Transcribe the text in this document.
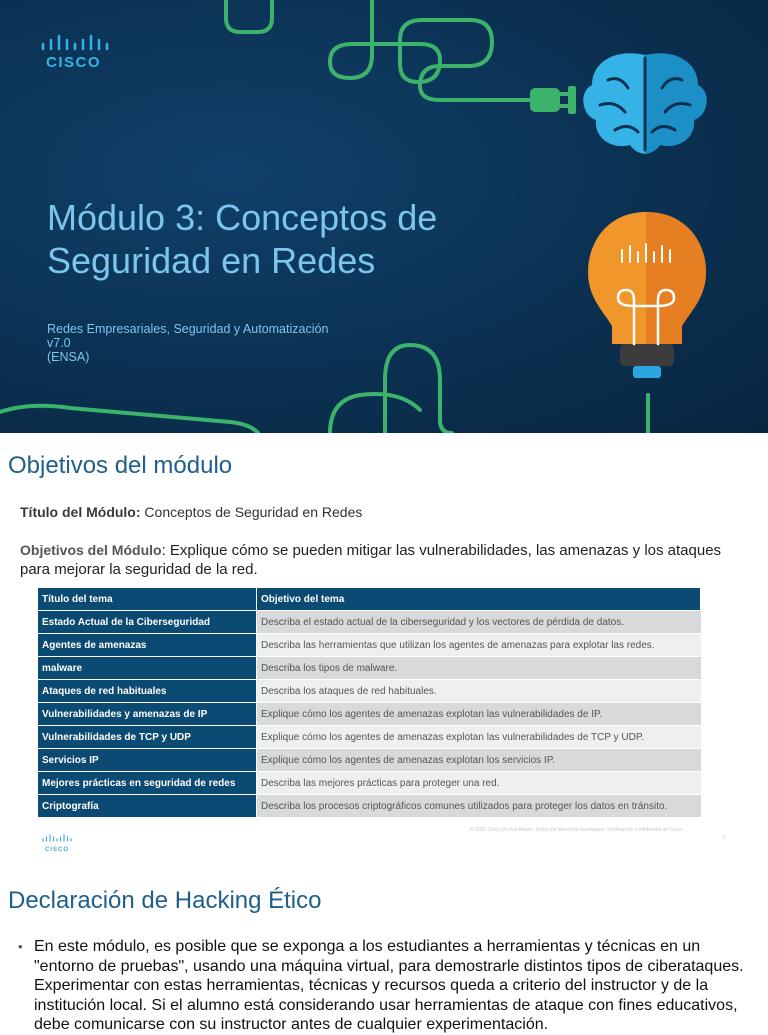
CISCO
Módulo 3: Conceptos de Seguridad en Redes
Redes Empresariales, Seguridad y Automatización
v7.0
(ENSA)
Objetivos del módulo
Título del Módulo: Conceptos de Seguridad en Redes
Objetivos del Módulo: Explique cómo se pueden mitigar las vulnerabilidades, las amenazas y los ataques para mejorar la seguridad de la red.
Título del tema	Objetivo del tema
Estado Actual de la Ciberseguridad	Describa el estado actual de la ciberseguridad y los vectores de pérdida de datos.
Agentes de amenazas	Describa las herramientas que utilizan los agentes de amenazas para explotar las redes.
malware	Describa los tipos de malware.
Ataques de red habituales	Describa los ataques de red habituales.
Vulnerabilidades y amenazas de IP	Explique cómo los agentes de amenazas explotan las vulnerabilidades de IP.
Vulnerabilidades de TCP y UDP	Explique cómo los agentes de amenazas explotan las vulnerabilidades de TCP y UDP.
Servicios IP	Explique cómo los agentes de amenazas explotan los servicios IP.
Mejores prácticas en seguridad de redes	Describa las mejores prácticas para proteger una red.
Criptografía	Describa los procesos criptográficos comunes utilizados para proteger los datos en tránsito.
CISCO
© 2021 Cisco y/o sus filiales. Todos los derechos reservados. Información confidencial de Cisco.
2
Declaración de Hacking Ético
• En este módulo, es posible que se exponga a los estudiantes a herramientas y técnicas en un "entorno de pruebas", usando una máquina virtual, para demostrarle distintos tipos de ciberataques. Experimentar con estas herramientas, técnicas y recursos queda a criterio del instructor y de la institución local. Si el alumno está considerando usar herramientas de ataque con fines educativos, debe comunicarse con su instructor antes de cualquier experimentación.
